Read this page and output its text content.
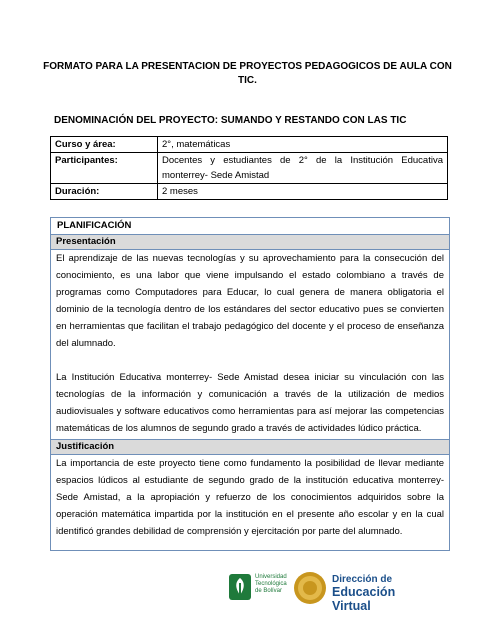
FORMATO PARA LA PRESENTACION DE PROYECTOS PEDAGOGICOS DE AULA CON TIC.
DENOMINACIÓN DEL PROYECTO: SUMANDO Y RESTANDO CON LAS TIC
Curso y área:	2°, matemáticas
Participantes:	Docentes y estudiantes de 2° de la Institución Educativa monterrey- Sede Amistad
Duración:	2 meses
PLANIFICACIÓN
Presentación
El aprendizaje de las nuevas tecnologías y su aprovechamiento para la consecución del conocimiento, es una labor que viene impulsando el estado colombiano a través de programas como Computadores para Educar, lo cual genera de manera obligatoria el dominio de la tecnología dentro de los estándares del sector educativo pues se convierten en herramientas que facilitan el trabajo pedagógico del docente y el proceso de enseñanza del alumnado.
La Institución Educativa monterrey- Sede Amistad desea iniciar su vinculación con las tecnologías de la información y comunicación a través de la utilización de medios audiovisuales y software educativos como herramientas para así mejorar las competencias matemáticas de los alumnos de segundo grado a través de actividades lúdico práctica.
Justificación
La importancia de este proyecto tiene como fundamento la posibilidad de llevar mediante espacios lúdicos al estudiante de segundo grado de la institución educativa monterrey- Sede Amistad, a la apropiación y refuerzo de los conocimientos adquiridos sobre la operación matemática impartida por la institución en el presente año escolar y en la cual identificó grandes debilidad de comprensión y ejercitación por parte del alumnado.
Universidad
Tecnológica
de Bolívar
Dirección de
Educación Virtual
